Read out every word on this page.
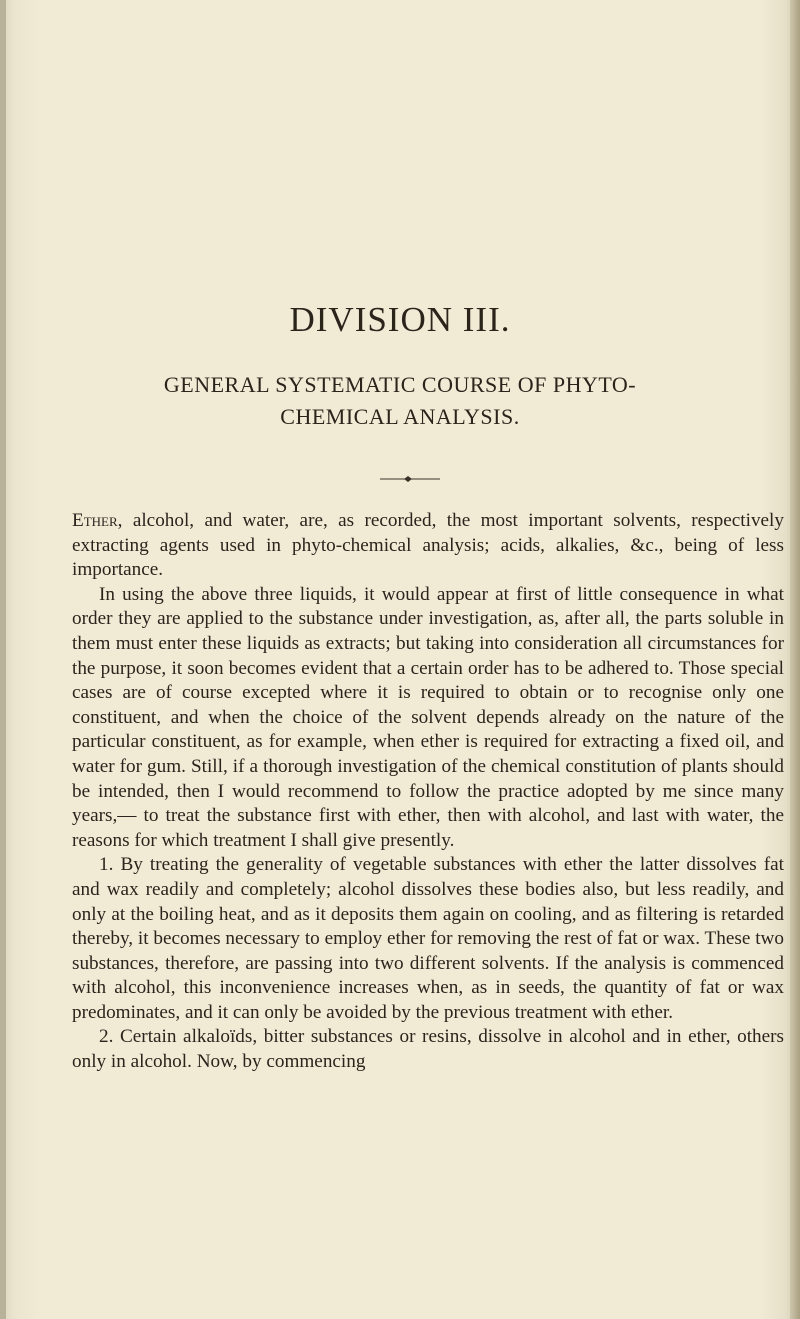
DIVISION III.
GENERAL SYSTEMATIC COURSE OF PHYTO-
CHEMICAL ANALYSIS.

Ether, alcohol, and water, are, as recorded, the most important solvents, respectively extracting agents used in phyto-chemical analysis; acids, alkalies, &c., being of less importance.

In using the above three liquids, it would appear at first of little consequence in what order they are applied to the substance under investigation, as, after all, the parts soluble in them must enter these liquids as extracts; but taking into consideration all circumstances for the purpose, it soon becomes evident that a certain order has to be adhered to. Those special cases are of course excepted where it is required to obtain or to recognise only one constituent, and when the choice of the solvent depends already on the nature of the particular constituent, as for example, when ether is required for extracting a fixed oil, and water for gum. Still, if a thorough investigation of the chemical constitution of plants should be intended, then I would recommend to follow the practice adopted by me since many years,— to treat the substance first with ether, then with alcohol, and last with water, the reasons for which treatment I shall give presently.

1. By treating the generality of vegetable substances with ether the latter dissolves fat and wax readily and completely; alcohol dissolves these bodies also, but less readily, and only at the boiling heat, and as it deposits them again on cooling, and as filtering is retarded thereby, it becomes necessary to employ ether for removing the rest of fat or wax. These two substances, therefore, are passing into two different solvents. If the analysis is commenced with alcohol, this inconvenience increases when, as in seeds, the quantity of fat or wax predominates, and it can only be avoided by the previous treatment with ether.

2. Certain alkaloïds, bitter substances or resins, dissolve in alcohol and in ether, others only in alcohol. Now, by commencing
